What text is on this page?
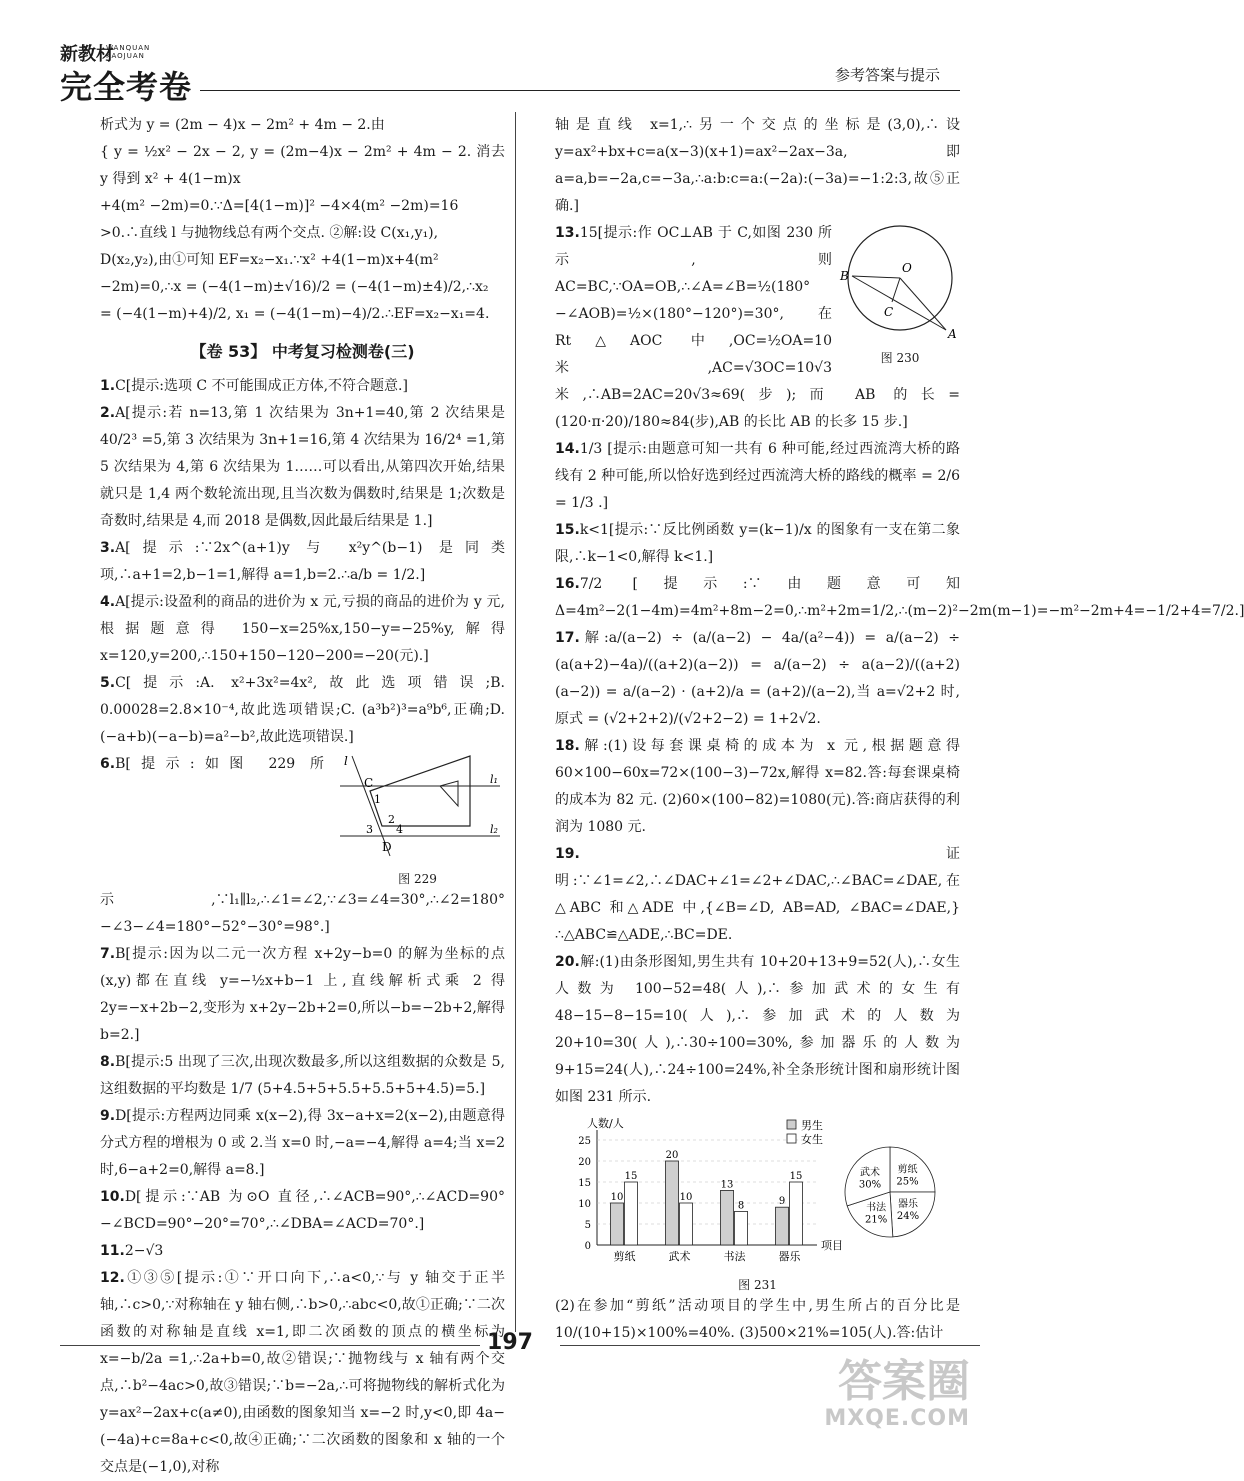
新教材
WANQUAN
KAOJUAN
完全考卷	参考答案与提示

析式为 y = (2m − 4)x − 2m² + 4m − 2.由

{ y = ½x² − 2x − 2, y = (2m−4)x − 2m² + 4m − 2. 消去 y 得到 x² + 4(1−m)x

+4(m² −2m)=0.∵Δ=[4(1−m)]² −4×4(m² −2m)=16

>0.∴直线 l 与抛物线总有两个交点. ②解:设 C(x₁,y₁),

D(x₂,y₂),由①可知 EF=x₂−x₁.∵x² +4(1−m)x+4(m²

−2m)=0,∴x = (−4(1−m)±√16)/2 = (−4(1−m)±4)/2,∴x₂

= (−4(1−m)+4)/2, x₁ = (−4(1−m)−4)/2.∴EF=x₂−x₁=4.

【卷 53】 中考复习检测卷(三)

1.C[提示:选项 C 不可能围成正方体,不符合题意.]

2.A[提示:若 n=13,第 1 次结果为 3n+1=40,第 2 次结果是 40/2³ =5,第 3 次结果为 3n+1=16,第 4 次结果为 16/2⁴ =1,第 5 次结果为 4,第 6 次结果为 1……可以看出,从第四次开始,结果就只是 1,4 两个数轮流出现,且当次数为偶数时,结果是 1;次数是奇数时,结果是 4,而 2018 是偶数,因此最后结果是 1.]

3.A[提示:∵2x^(a+1)y 与 x²y^(b−1) 是同类项,∴a+1=2,b−1=1,解得 a=1,b=2.∴a/b = 1/2.]

4.A[提示:设盈利的商品的进价为 x 元,亏损的商品的进价为 y 元,根据题意得 150−x=25%x,150−y=−25%y,解得 x=120,y=200,∴150+150−120−200=−20(元).]

5.C[提示:A. x²+3x²=4x²,故此选项错误;B. 0.00028=2.8×10⁻⁴,故此选项错误;C. (a³b²)³=a⁹b⁶,正确;D. (−a+b)(−a−b)=a²−b²,故此选项错误.]

l
C	l₁
l₂
1
2
3 4
D
图 229

6.B[提示:如图 229 所示,∵l₁∥l₂,∴∠1=∠2,∵∠3=∠4=30°,∴∠2=180°−∠3−∠4=180°−52°−30°=98°.]

7.B[提示:因为以二元一次方程 x+2y−b=0 的解为坐标的点(x,y)都在直线 y=−½x+b−1 上,直线解析式乘 2 得 2y=−x+2b−2,变形为 x+2y−2b+2=0,所以−b=−2b+2,解得 b=2.]

8.B[提示:5 出现了三次,出现次数最多,所以这组数据的众数是 5,这组数据的平均数是 1/7 (5+4.5+5+5.5+5.5+5+4.5)=5.]

9.D[提示:方程两边同乘 x(x−2),得 3x−a+x=2(x−2),由题意得分式方程的增根为 0 或 2.当 x=0 时,−a=−4,解得 a=4;当 x=2 时,6−a+2=0,解得 a=8.]

10.D[提示:∵AB 为⊙O 直径,∴∠ACB=90°,∴∠ACD=90°−∠BCD=90°−20°=70°,∴∠DBA=∠ACD=70°.]

11.2−√3

12.①③⑤[提示:①∵开口向下,∴a<0,∵与 y 轴交于正半轴,∴c>0,∵对称轴在 y 轴右侧,∴b>0,∴abc<0,故①正确;∵二次函数的对称轴是直线 x=1,即二次函数的顶点的横坐标为 x=−b/2a =1,∴2a+b=0,故②错误;∵抛物线与 x 轴有两个交点,∴b²−4ac>0,故③错误;∵b=−2a,∴可将抛物线的解析式化为 y=ax²−2ax+c(a≠0),由函数的图象知当 x=−2 时,y<0,即 4a−(−4a)+c=8a+c<0,故④正确;∵二次函数的图象和 x 轴的一个交点是(−1,0),对称

轴是直线 x=1,∴另一个交点的坐标是(3,0),∴设 y=ax²+bx+c=a(x−3)(x+1)=ax²−2ax−3a,即 a=a,b=−2a,c=−3a,∴a:b:c=a:(−2a):(−3a)=−1:2:3,故⑤正确.]

O
B
C
A
图 230

13.15[提示:作 OC⊥AB 于 C,如图 230 所示,则 AC=BC,∵OA=OB,∴∠A=∠B=½(180°−∠AOB)=½×(180°−120°)=30°,在 Rt△AOC 中,OC=½OA=10 米,AC=√3OC=10√3 米,∴AB=2AC=20√3≈69(步);而 AB 的长=(120·π·20)/180≈84(步),AB 的长比 AB 的长多 15 步.]

14.1/3 [提示:由题意可知一共有 6 种可能,经过西流湾大桥的路线有 2 种可能,所以恰好选到经过西流湾大桥的路线的概率 = 2/6 = 1/3 .]

15.k<1[提示:∵反比例函数 y=(k−1)/x 的图象有一支在第二象限,∴k−1<0,解得 k<1.]

16.7/2 [提示:∵由题意可知 Δ=4m²−2(1−4m)=4m²+8m−2=0,∴m²+2m=1/2,∴(m−2)²−2m(m−1)=−m²−2m+4=−1/2+4=7/2.]

17.解:a/(a−2) ÷ (a/(a−2) − 4a/(a²−4)) = a/(a−2) ÷ (a(a+2)−4a)/((a+2)(a−2)) = a/(a−2) ÷ a(a−2)/((a+2)(a−2)) = a/(a−2) · (a+2)/a = (a+2)/(a−2),当 a=√2+2 时,原式 = (√2+2+2)/(√2+2−2) = 1+2√2.

18.解:(1)设每套课桌椅的成本为 x 元,根据题意得 60×100−60x=72×(100−3)−72x,解得 x=82.答:每套课桌椅的成本为 82 元. (2)60×(100−82)=1080(元).答:商店获得的利润为 1080 元.

19.证明:∵∠1=∠2,∴∠DAC+∠1=∠2+∠DAC,∴∠BAC=∠DAE,在△ABC 和△ADE 中,{∠B=∠D, AB=AD, ∠BAC=∠DAE,} ∴△ABC≌△ADE,∴BC=DE.

20.解:(1)由条形图知,男生共有 10+20+13+9=52(人),∴女生人数为 100−52=48(人),∴参加武术的女生有 48−15−8−15=10(人),∴参加武术的人数为 20+10=30(人),∴30÷100=30%,参加器乐的人数为 9+15=24(人),∴24÷100=24%,补全条形统计图和扇形统计图如图 231 所示.

人数/人
项目
0
5
10
15
20
25
剪纸	武术	书法	器乐
10
15
20
10
13
8	9
15
男生
女生
剪纸
25%
器乐
24%
书法
21%
武术
30%
图 231

(2)在参加“剪纸”活动项目的学生中,男生所占的百分比是 10/(10+15)×100%=40%. (3)500×21%=105(人).答:估计

197
答案圈
MXQE.COM
